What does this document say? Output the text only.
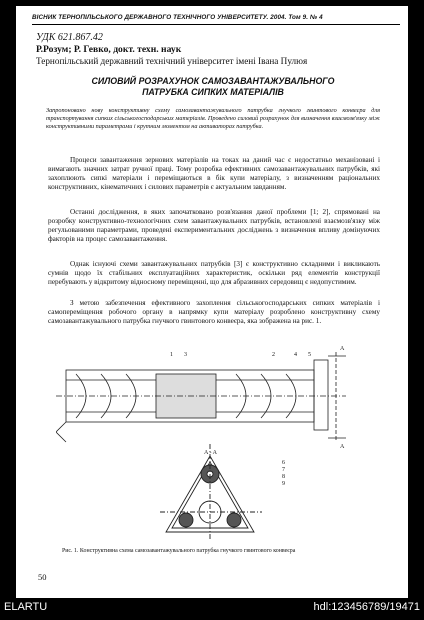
ВІСНИК ТЕРНОПІЛЬСЬКОГО ДЕРЖАВНОГО ТЕХНІЧНОГО УНІВЕРСИТЕТУ. 2004. Том 9. № 4
УДК 621.867.42
Р.Розум; Р. Гевко, докт. техн. наук
Тернопільський державний технічний університет імені Івана Пулюя
СИЛОВИЙ РОЗРАХУНОК САМОЗАВАНТАЖУВАЛЬНОГО
ПАТРУБКА СИПКИХ МАТЕРІАЛІВ
Запропоновано нову конструктивну схему самозавантажувального патрубка гнучкого гвинтового конвеєра для транспортування сипких сільськогосподарських матеріалів. Проведено силовий розрахунок для визначення взаємозв'язку між конструктивними параметрами і крутним моментом на активаторах патрубка.
Процеси завантаження зернових матеріалів на токах на даний час є недостатньо механізовані і вимагають значних затрат ручної праці. Тому розробка ефективних самозавантажувальних патрубків, які захоплюють сипкі матеріали і переміщаються в бік купи матеріалу, з визначенням раціональних конструктивних, кінематичних і силових параметрів є актуальним завданням.
Останні дослідження, в яких започатковано розв'язання даної проблеми [1; 2], спрямовані на розробку конструктивно-технологічних схем завантажувальних патрубків, встановлені взаємозв'язку між регульованими параметрами, проведені експериментальних досліджень з визначення впливу домінуючих факторів на процес самозавантаження.
Однак існуючі схеми завантажувальних патрубків [3] є конструктивно складними і викликають сумнів щодо їх стабільних експлуатаційних характеристик, оскільки ряд елементів конструкції перебувають у відкритому відносному переміщенні, що для абразивних середовищ є недопустимим.
З метою забезпечення ефективного захоплення сільськогосподарських сипких матеріалів і самопереміщення робочого органу в напрямку купи матеріалу розроблено конструктивну схему самозавантажувального патрубка гнучкого гвинтового конвеєра, яка зображена на рис. 1.
1	2
3	4 5
6
7
8
9
A
A
A - A
Рис. 1. Конструктивна схема самозавантажувального патрубка гнучкого гвинтового конвеєра
50
ELARTU	hdl:123456789/19471
